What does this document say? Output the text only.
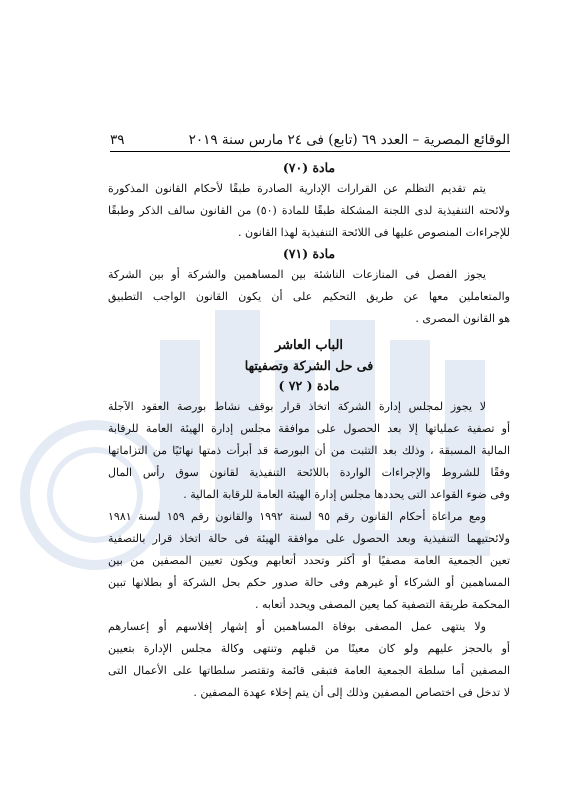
الوقائع المصرية – العدد ٦٩ (تابع) فى ٢٤ مارس سنة ٢٠١٩
٣٩

مادة (٧٠)

يتم تقديم التظلم عن القرارات الإدارية الصادرة طبقًا لأحكام القانون المذكورة
ولائحته التنفيذية لدى اللجنة المشكلة طبقًا للمادة (٥٠) من القانون سالف الذكر وطبقًا
للإجراءات المنصوص عليها فى اللائحة التنفيذية لهذا القانون .

مادة (٧١)

يجوز الفصل فى المنازعات الناشئة بين المساهمين والشركة أو بين الشركة
والمتعاملين معها عن طريق التحكيم على أن يكون القانون الواجب التطبيق
هو القانون المصرى .

الباب العاشر

فى حل الشركة وتصفيتها

مادة ( ٧٢ )

لا يجوز لمجلس إدارة الشركة اتخاذ قرار بوقف نشاط بورصة العقود الآجلة
أو تصفية عملياتها إلا بعد الحصول على موافقة مجلس إدارة الهيئة العامة للرقابة
المالية المسبقة ، وذلك بعد التثبت من أن البورصة قد أبرأت ذمتها نهائيًا من التزاماتها
وفقًا للشروط والإجراءات الواردة باللائحة التنفيذية لقانون سوق رأس المال
وفى ضوء القواعد التى يحددها مجلس إدارة الهيئة العامة للرقابة المالية .
ومع مراعاة أحكام القانون رقم ٩٥ لسنة ١٩٩٢ والقانون رقم ١٥٩ لسنة ١٩٨١
ولائحتيهما التنفيذية وبعد الحصول على موافقة الهيئة فى حالة اتخاذ قرار بالتصفية
تعين الجمعية العامة مصفيًا أو أكثر وتحدد أتعابهم ويكون تعيين المصفين من بين
المساهمين أو الشركاء أو غيرهم وفى حالة صدور حكم بحل الشركة أو بطلانها تبين
المحكمة طريقة التصفية كما يعين المصفى ويحدد أتعابه .
ولا ينتهى عمل المصفى بوفاة المساهمين أو إشهار إفلاسهم أو إعسارهم
أو بالحجز عليهم ولو كان معينًا من قبلهم وتنتهى وكالة مجلس الإدارة بتعيين
المصفين أما سلطة الجمعية العامة فتبقى قائمة وتقتصر سلطاتها على الأعمال التى
لا تدخل فى اختصاص المصفين وذلك إلى أن يتم إخلاء عهدة المصفين .
